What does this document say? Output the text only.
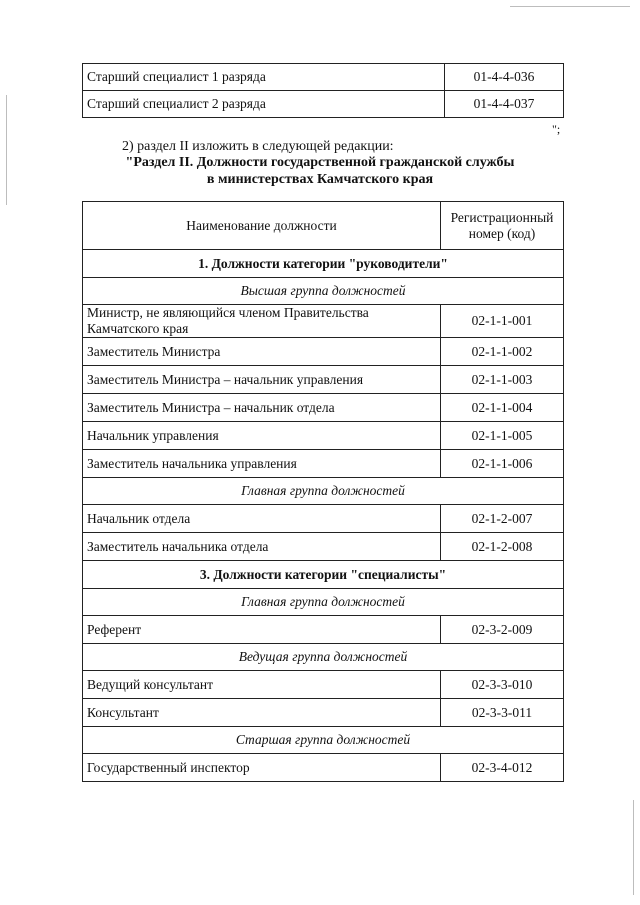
Старший специалист 1 разряда	01-4-4-036
Старший специалист 2 разряда	01-4-4-037
";
2) раздел II изложить в следующей редакции:
"Раздел II. Должности государственной гражданской службы
в министерствах Камчатского края
Наименование должности	Регистрационный
номер (код)

1. Должности категории "руководители"	
Высшая группа должностей	
Министр, не являющийся членом Правительства Камчатского края	02-1-1-001
Заместитель Министра	02-1-1-002
Заместитель Министра – начальник управления	02-1-1-003
Заместитель Министра – начальник отдела	02-1-1-004
Начальник управления	02-1-1-005
Заместитель начальника управления	02-1-1-006
Главная группа должностей	
Начальник отдела	02-1-2-007
Заместитель начальника отдела	02-1-2-008
3. Должности категории "специалисты"	
Главная группа должностей	
Референт	02-3-2-009
Ведущая группа должностей	
Ведущий консультант	02-3-3-010
Консультант	02-3-3-011
Старшая группа должностей	
Государственный инспектор	02-3-4-012
